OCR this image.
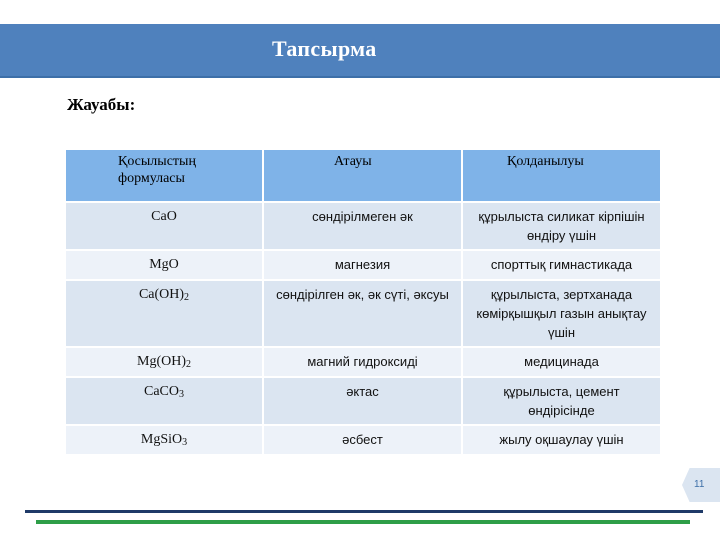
Тапсырма
Жауабы:
Қосылыстың формуласы	Атауы	Қолданылуы
CaO	сөндірілмеген әк	құрылыста силикат кірпішін өндіру үшін
MgO	магнезия	спорттық гимнастикада
$Ca(OH)_2$	сөндірілген әк, әк сүті, әксуы	құрылыста, зертханада көмірқышқыл газын анықтау үшін
$Mg(OH)_2$	магний гидроксиді	медицинада
CaCO$_3$	әктас	құрылыста, цемент өндірісінде
MgSiO$_3$	әсбест	жылу оқшаулау үшін
11
